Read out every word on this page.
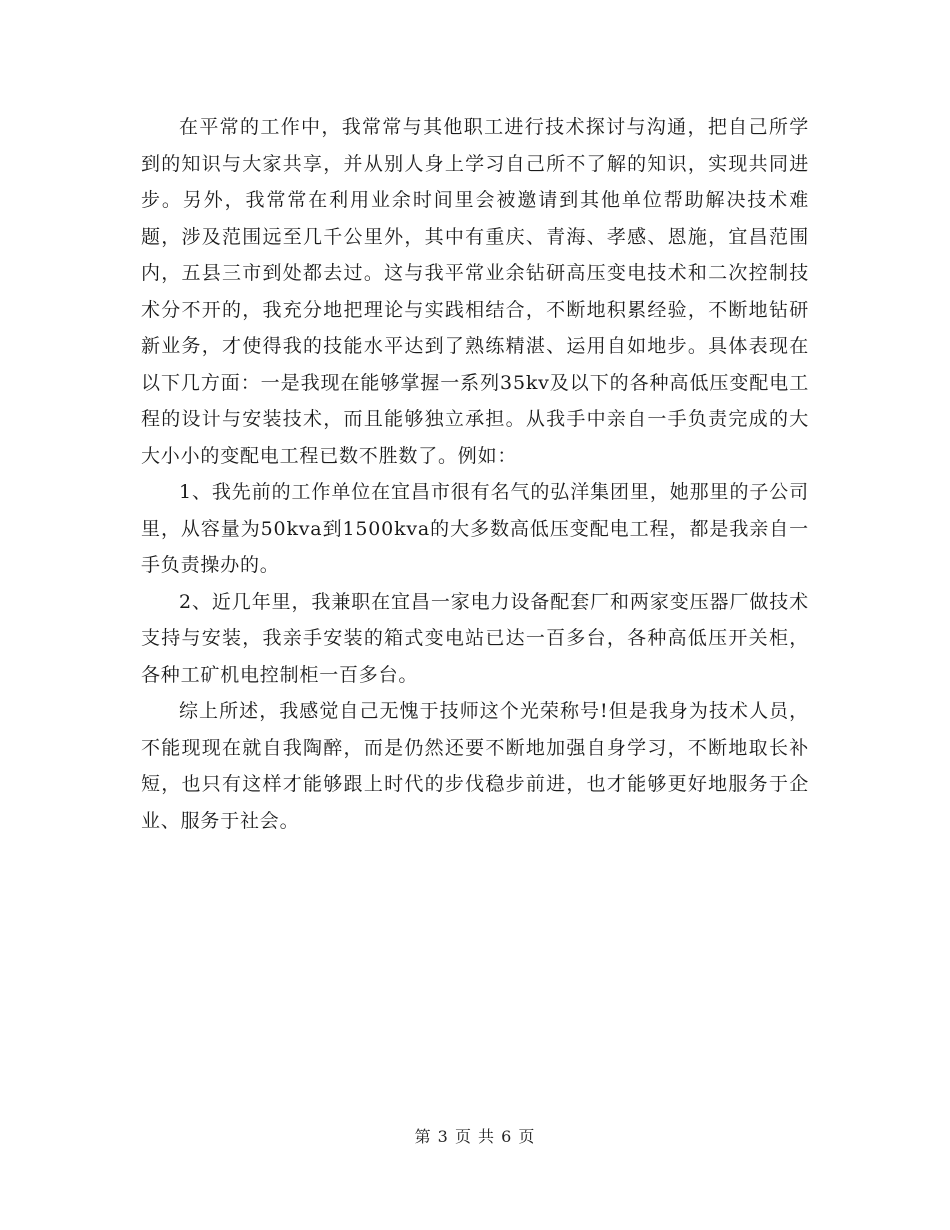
在平常的工作中，我常常与其他职工进行技术探讨与沟通，把自己所学到的知识与大家共享，并从别人身上学习自己所不了解的知识，实现共同进步。另外，我常常在利用业余时间里会被邀请到其他单位帮助解决技术难题，涉及范围远至几千公里外，其中有重庆、青海、孝感、恩施，宜昌范围内，五县三市到处都去过。这与我平常业余钻研高压变电技术和二次控制技术分不开的，我充分地把理论与实践相结合，不断地积累经验，不断地钻研新业务，才使得我的技能水平达到了熟练精湛、运用自如地步。具体表现在以下几方面：一是我现在能够掌握一系列35kv及以下的各种高低压变配电工程的设计与安装技术，而且能够独立承担。从我手中亲自一手负责完成的大大小小的变配电工程已数不胜数了。例如：

1、我先前的工作单位在宜昌市很有名气的弘洋集团里，她那里的子公司里，从容量为50kva到1500kva的大多数高低压变配电工程，都是我亲自一手负责操办的。

2、近几年里，我兼职在宜昌一家电力设备配套厂和两家变压器厂做技术支持与安装，我亲手安装的箱式变电站已达一百多台，各种高低压开关柜，各种工矿机电控制柜一百多台。

综上所述，我感觉自己无愧于技师这个光荣称号!但是我身为技术人员，不能现现在就自我陶醉，而是仍然还要不断地加强自身学习，不断地取长补短，也只有这样才能够跟上时代的步伐稳步前进，也才能够更好地服务于企业、服务于社会。

第 3 页 共 6 页
